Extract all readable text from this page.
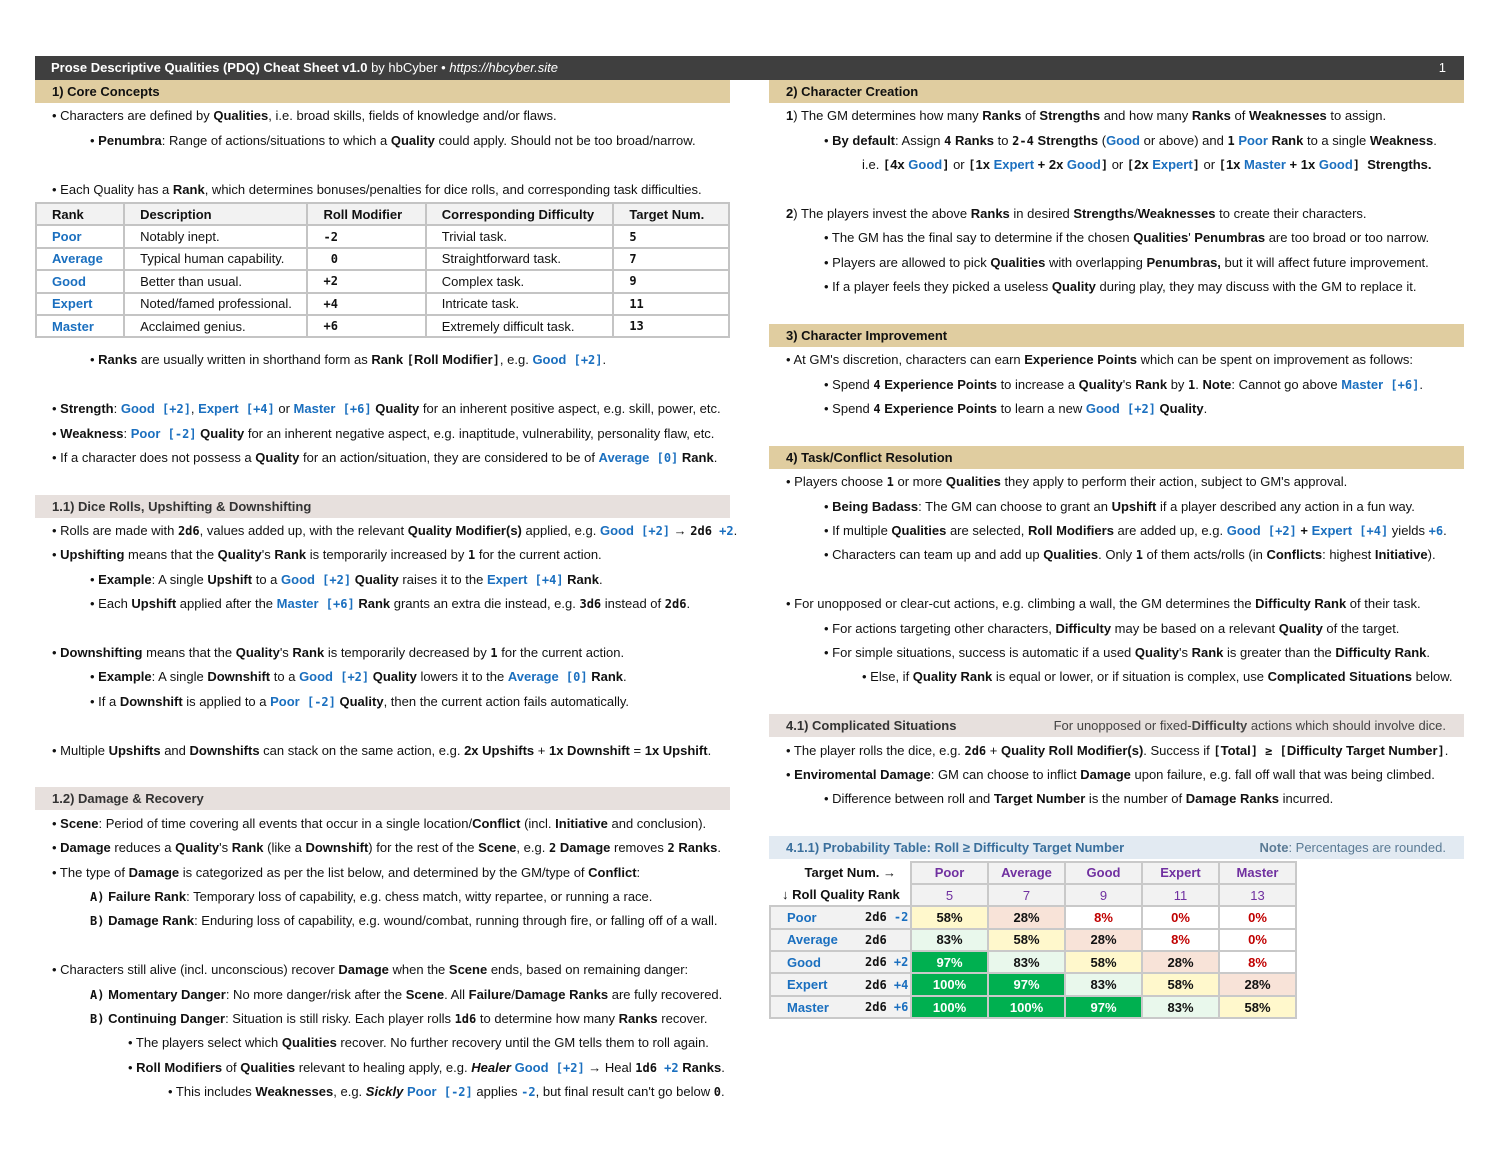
Prose Descriptive Qualities (PDQ) Cheat Sheet v1.0 by hbCyber • https://hbcyber.site	1
1) Core Concepts
• Characters are defined by Qualities, i.e. broad skills, fields of knowledge and/or flaws.
• Penumbra: Range of actions/situations to which a Quality could apply. Should not be too broad/narrow.
• Each Quality has a Rank, which determines bonuses/penalties for dice rolls, and corresponding task difficulties.
Rank	Description	Roll Modifier	Corresponding Difficulty	Target Num.
Poor	Notably inept.	-2	Trivial task.	5
Average	Typical human capability.	0	Straightforward task.	7
Good	Better than usual.	+2	Complex task.	9
Expert	Noted/famed professional.	+4	Intricate task.	11
Master	Acclaimed genius.	+6	Extremely difficult task.	13
• Ranks are usually written in shorthand form as Rank [Roll Modifier], e.g. Good [+2].
• Strength: Good [+2], Expert [+4] or Master [+6] Quality for an inherent positive aspect, e.g. skill, power, etc.
• Weakness: Poor [-2] Quality for an inherent negative aspect, e.g. inaptitude, vulnerability, personality flaw, etc.
• If a character does not possess a Quality for an action/situation, they are considered to be of Average [0] Rank.
1.1) Dice Rolls, Upshifting & Downshifting
• Rolls are made with 2d6, values added up, with the relevant Quality Modifier(s) applied, e.g. Good [+2] → 2d6 +2.
• Upshifting means that the Quality's Rank is temporarily increased by 1 for the current action.
• Example: A single Upshift to a Good [+2] Quality raises it to the Expert [+4] Rank.
• Each Upshift applied after the Master [+6] Rank grants an extra die instead, e.g. 3d6 instead of 2d6.
• Downshifting means that the Quality's Rank is temporarily decreased by 1 for the current action.
• Example: A single Downshift to a Good [+2] Quality lowers it to the Average [0] Rank.
• If a Downshift is applied to a Poor [-2] Quality, then the current action fails automatically.
• Multiple Upshifts and Downshifts can stack on the same action, e.g. 2x Upshifts + 1x Downshift = 1x Upshift.
1.2) Damage & Recovery
• Scene: Period of time covering all events that occur in a single location/Conflict (incl. Initiative and conclusion).
• Damage reduces a Quality's Rank (like a Downshift) for the rest of the Scene, e.g. 2 Damage removes 2 Ranks.
• The type of Damage is categorized as per the list below, and determined by the GM/type of Conflict:
A) Failure Rank: Temporary loss of capability, e.g. chess match, witty repartee, or running a race.
B) Damage Rank: Enduring loss of capability, e.g. wound/combat, running through fire, or falling off of a wall.
• Characters still alive (incl. unconscious) recover Damage when the Scene ends, based on remaining danger:
A) Momentary Danger: No more danger/risk after the Scene. All Failure/Damage Ranks are fully recovered.
B) Continuing Danger: Situation is still risky. Each player rolls 1d6 to determine how many Ranks recover.
• The players select which Qualities recover. No further recovery until the GM tells them to roll again.
• Roll Modifiers of Qualities relevant to healing apply, e.g. Healer Good [+2] → Heal 1d6 +2 Ranks.
• This includes Weaknesses, e.g. Sickly Poor [-2] applies -2, but final result can't go below 0.
2) Character Creation
1) The GM determines how many Ranks of Strengths and how many Ranks of Weaknesses to assign.
• By default: Assign 4 Ranks to 2-4 Strengths (Good or above) and 1 Poor Rank to a single Weakness.
i.e. [4x Good] or [1x Expert + 2x Good] or [2x Expert] or [1x Master + 1x Good] Strengths.
2) The players invest the above Ranks in desired Strengths/Weaknesses to create their characters.
• The GM has the final say to determine if the chosen Qualities' Penumbras are too broad or too narrow.
• Players are allowed to pick Qualities with overlapping Penumbras, but it will affect future improvement.
• If a player feels they picked a useless Quality during play, they may discuss with the GM to replace it.
3) Character Improvement
• At GM's discretion, characters can earn Experience Points which can be spent on improvement as follows:
• Spend 4 Experience Points to increase a Quality's Rank by 1. Note: Cannot go above Master [+6].
• Spend 4 Experience Points to learn a new Good [+2] Quality.
4) Task/Conflict Resolution
• Players choose 1 or more Qualities they apply to perform their action, subject to GM's approval.
• Being Badass: The GM can choose to grant an Upshift if a player described any action in a fun way.
• If multiple Qualities are selected, Roll Modifiers are added up, e.g. Good [+2] + Expert [+4] yields +6.
• Characters can team up and add up Qualities. Only 1 of them acts/rolls (in Conflicts: highest Initiative).
• For unopposed or clear-cut actions, e.g. climbing a wall, the GM determines the Difficulty Rank of their task.
• For actions targeting other characters, Difficulty may be based on a relevant Quality of the target.
• For simple situations, success is automatic if a used Quality's Rank is greater than the Difficulty Rank.
• Else, if Quality Rank is equal or lower, or if situation is complex, use Complicated Situations below.
4.1) Complicated Situations	For unopposed or fixed-Difficulty actions which should involve dice.
• The player rolls the dice, e.g. 2d6 + Quality Roll Modifier(s). Success if [Total] ≥ [Difficulty Target Number].
• Enviromental Damage: GM can choose to inflict Damage upon failure, e.g. fall off wall that was being climbed.
• Difference between roll and Target Number is the number of Damage Ranks incurred.
4.1.1) Probability Table: Roll ≥ Difficulty Target Number	Note: Percentages are rounded.
Target Num. →		Poor	Average	Good	Expert	Master
↓ Roll Quality Rank		5	7	9	11	13
Poor	2d6 -2	58%	28%	8%	0%	0%
Average	2d6	83%	58%	28%	8%	0%
Good	2d6 +2	97%	83%	58%	28%	8%
Expert	2d6 +4	100%	97%	83%	58%	28%
Master	2d6 +6	100%	100%	97%	83%	58%
